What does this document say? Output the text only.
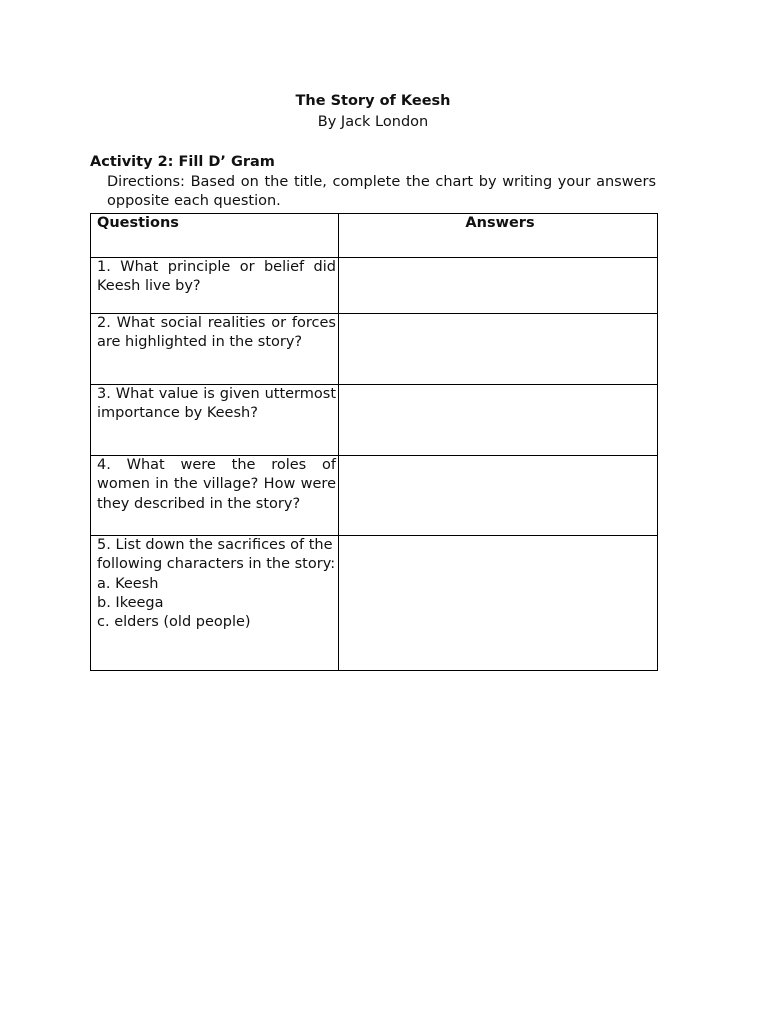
The Story of Keesh
By Jack London
Activity 2: Fill D’ Gram
Directions: Based on the title, complete the chart by writing your answers opposite each question.
Questions	Answers
1. What principle or belief did Keesh live by?	
2. What social realities or forces are highlighted in the story?	
3. What value is given uttermost importance by Keesh?	
4. What were the roles of women in the village? How were they described in the story?	

5. List down the sacrifices of the
following characters in the story:
a. Keesh
b. Ikeega
c. elders (old people)	
